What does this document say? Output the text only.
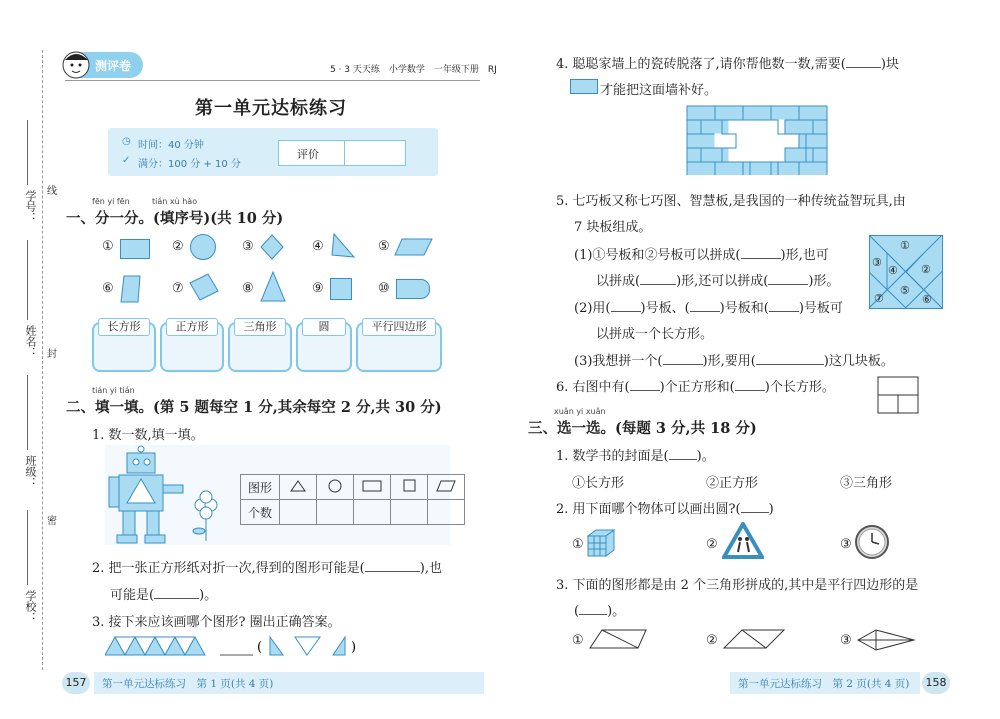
学号：
姓名：
班级：
学校：
线
封
密
测评卷	5 · 3 天天练　小学数学　一年级下册　RJ
第一单元达标练习
◷ 时间：40 分钟
✓ 满分：100 分 + 10 分
评价
fēn yi fēn	tián xù hào
一、分一分。(填序号)(共 10 分)
①	②	③	④	⑤
⑥	⑦	⑧	⑨	⑩
长方形	正方形	三角形	圆	平行四边形
tián yi tián
二、填一填。(第 5 题每空 1 分,其余每空 2 分,共 30 分)
1. 数一数,填一填。
图形					
个数					
2. 把一张正方形纸对折一次,得到的图形可能是(	),也
可能是(	)。
3. 接下来应该画哪个图形? 圈出正确答案。
(	)
157	第一单元达标练习　第 1 页(共 4 页)
4. 聪聪家墙上的瓷砖脱落了,请你帮他数一数,需要(	)块
才能把这面墙补好。
5. 七巧板又称七巧图、智慧板,是我国的一种传统益智玩具,由
7 块板组成。
(1)①号板和②号板可以拼成(	)形,也可
以拼成(	)形,还可以拼成(	)形。
(2)用( )号板、( )号板和( )号板可
以拼成一个长方形。
(3)我想拼一个(	)形,要用(	)这几块板。
①
②
③
④
⑤
⑥
⑦
6. 右图中有( )个正方形和( )个长方形。
xuǎn yi xuǎn
三、选一选。(每题 3 分,共 18 分)
1. 数学书的封面是( )。
①长方形	②正方形	③三角形
2. 用下面哪个物体可以画出圆?( )
①	②	③
3. 下面的图形都是由 2 个三角形拼成的,其中是平行四边形的是
( )。
①	②	③
第一单元达标练习　第 2 页(共 4 页)	158
